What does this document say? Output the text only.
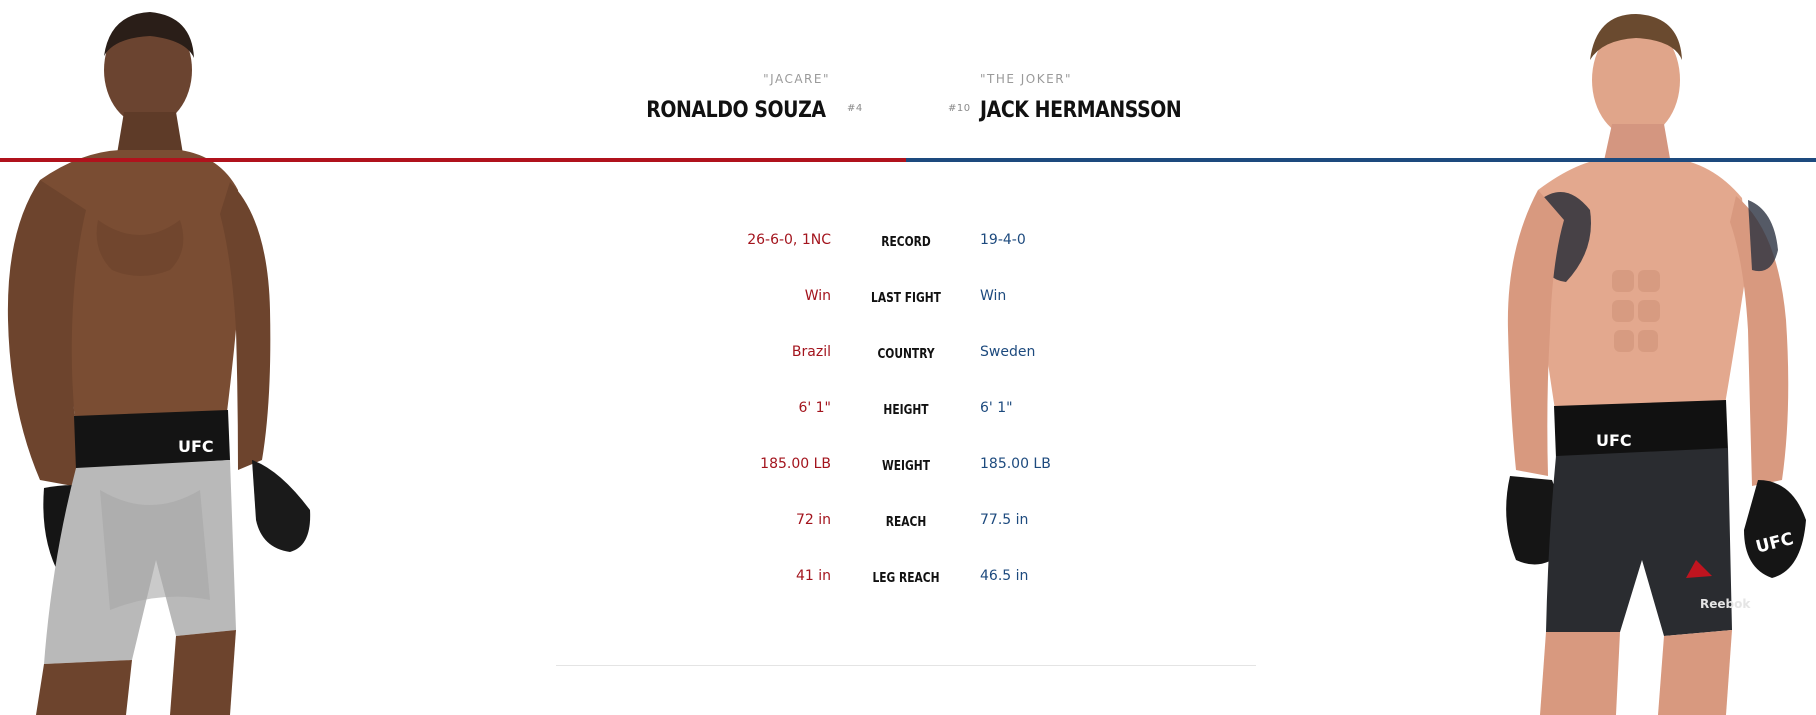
UFC
UFC
UFC
Reebok
"JACARE"
RONALDO SOUZA #4
"THE JOKER"
#10 JACK HERMANSSON
26-6-0, 1NC	RECORD	19-4-0
Win	LAST FIGHT	Win
Brazil	COUNTRY	Sweden
6' 1"	HEIGHT	6' 1"
185.00 LB	WEIGHT	185.00 LB
72 in	REACH	77.5 in
41 in	LEG REACH	46.5 in
